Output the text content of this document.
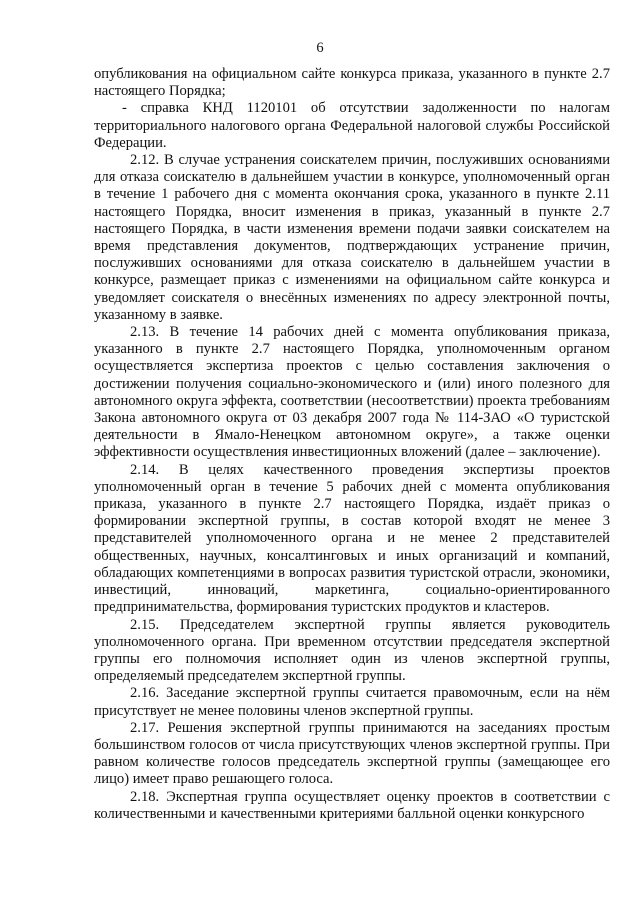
6

опубликования на официальном сайте конкурса приказа, указанного в пункте 2.7 настоящего Порядка;

- справка КНД 1120101 об отсутствии задолженности по налогам территориального налогового органа Федеральной налоговой службы Российской Федерации.

2.12. В случае устранения соискателем причин, послуживших основаниями для отказа соискателю в дальнейшем участии в конкурсе, уполномоченный орган в течение 1 рабочего дня с момента окончания срока, указанного в пункте 2.11 настоящего Порядка, вносит изменения в приказ, указанный в пункте 2.7 настоящего Порядка, в части изменения времени подачи заявки соискателем на время представления документов, подтверждающих устранение причин, послуживших основаниями для отказа соискателю в дальнейшем участии в конкурсе, размещает приказ с изменениями на официальном сайте конкурса и уведомляет соискателя о внесённых изменениях по адресу электронной почты, указанному в заявке.

2.13. В течение 14 рабочих дней с момента опубликования приказа, указанного в пункте 2.7 настоящего Порядка, уполномоченным органом осуществляется экспертиза проектов с целью составления заключения о достижении получения социально-экономического и (или) иного полезного для автономного округа эффекта, соответствии (несоответствии) проекта требованиям Закона автономного округа от 03 декабря 2007 года № 114-ЗАО «О туристской деятельности в Ямало-Ненецком автономном округе», а также оценки эффективности осуществления инвестиционных вложений (далее – заключение).

2.14. В целях качественного проведения экспертизы проектов уполномоченный орган в течение 5 рабочих дней с момента опубликования приказа, указанного в пункте 2.7 настоящего Порядка, издаёт приказ о формировании экспертной группы, в состав которой входят не менее 3 представителей уполномоченного органа и не менее 2 представителей общественных, научных, консалтинговых и иных организаций и компаний, обладающих компетенциями в вопросах развития туристской отрасли, экономики, инвестиций, инноваций, маркетинга, социально-ориентированного предпринимательства, формирования туристских продуктов и кластеров.

2.15. Председателем экспертной группы является руководитель уполномоченного органа. При временном отсутствии председателя экспертной группы его полномочия исполняет один из членов экспертной группы, определяемый председателем экспертной группы.

2.16. Заседание экспертной группы считается правомочным, если на нём присутствует не менее половины членов экспертной группы.

2.17. Решения экспертной группы принимаются на заседаниях простым большинством голосов от числа присутствующих членов экспертной группы. При равном количестве голосов председатель экспертной группы (замещающее его лицо) имеет право решающего голоса.

2.18. Экспертная группа осуществляет оценку проектов в соответствии с количественными и качественными критериями балльной оценки конкурсного
